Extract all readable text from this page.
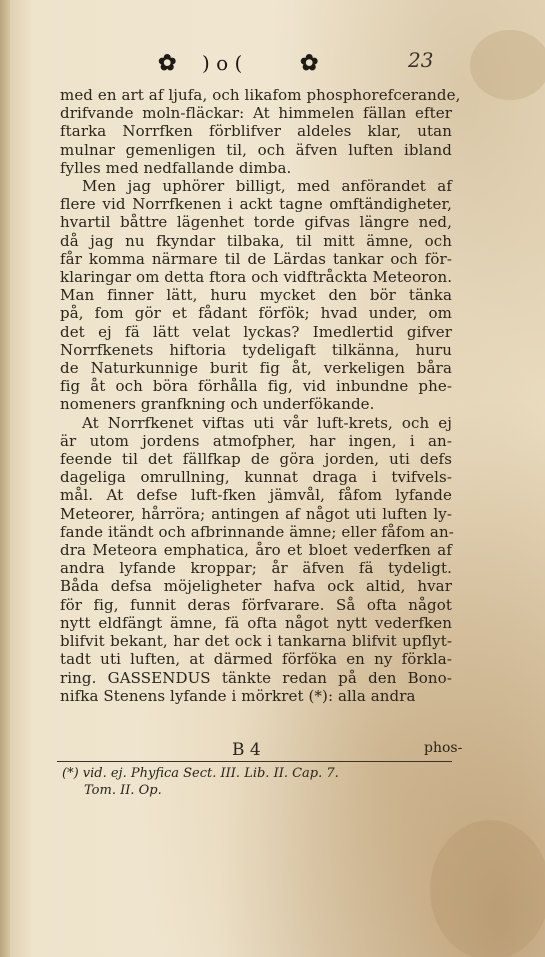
✿ ) o (	✿	23
med en art af ljufa, och likafom phosphorefcerande,
drifvande moln-fläckar: At himmelen fällan efter
ftarka Norrfken förblifver aldeles klar, utan
mulnar gemenligen til, och äfven luften ibland
fylles med nedfallande dimba.
Men jag uphörer billigt, med anförandet af
flere vid Norrfkenen i ackt tagne omftändigheter,
hvartil båttre lägenhet torde gifvas längre ned,
då jag nu fkyndar tilbaka, til mitt ämne, och
får komma närmare til de Lärdas tankar och för-
klaringar om detta ftora och vidftråckta Meteoron.
Man finner lätt, huru mycket den bör tänka
på, fom gör et fådant förfök; hvad under, om
det ej fä lätt velat lyckas? Imedlertid gifver
Norrfkenets hiftoria tydeligaft tilkänna, huru
de Naturkunnige burit fig åt, verkeligen båra
fig åt och böra förhålla fig, vid inbundne phe-
nomeners granfkning och underfökande.
At Norrfkenet viftas uti vår luft-krets, och ej
är utom jordens atmofpher, har ingen, i an-
feende til det fällfkap de göra jorden, uti defs
dageliga omrullning, kunnat draga i tvifvels-
mål. At defse luft-fken jämvål, fåfom lyfande
Meteorer, hårröra; antingen af något uti luften ly-
fande itändt och afbrinnande ämne; eller fåfom an-
dra Meteora emphatica, åro et bloet vederfken af
andra lyfande kroppar; år äfven fä tydeligt.
Båda defsa möjeligheter hafva ock altid, hvar
för fig, funnit deras förfvarare. Så ofta något
nytt eldfängt ämne, fä ofta något nytt vederfken
blifvit bekant, har det ock i tankarna blifvit upflyt-
tadt uti luften, at därmed förföka en ny förkla-
ring. GASSENDUS tänkte redan på den Bono-
nifka Stenens lyfande i mörkret (*): alla andra
B 4	phos-
(*) vid. ej. Phyfica Sect. III. Lib. II. Cap. 7.
Tom. II. Op.
